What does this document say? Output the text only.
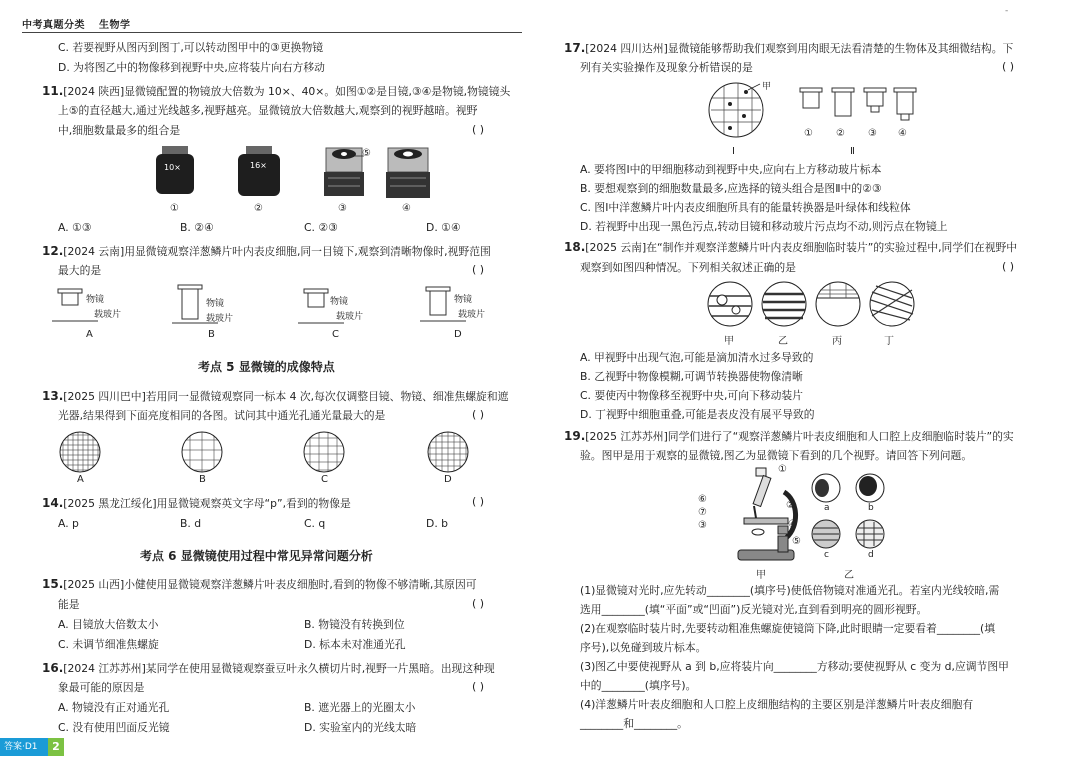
中考真题分类 生物学
-
C. 若要视野从图丙到图丁,可以转动图甲中的③更换物镜
D. 为将图乙中的物像移到视野中央,应将装片向右方移动
11.[2024 陕西]显微镜配置的物镜放大倍数为 10×、40×。如图①②是目镜,③④是物镜,物镜镜头
上⑤的直径越大,通过光线越多,视野越亮。显微镜放大倍数越大,观察到的视野越暗。视野
中,细胞数量最多的组合是	( )
10×	16×
⑤
①	②	③	④
A. ①③	B. ②④	C. ②③	D. ①④
12.[2024 云南]用显微镜观察洋葱鳞片叶内表皮细胞,同一目镜下,观察到清晰物像时,视野范围
最大的是	( )
物镜
载玻片
物镜
载玻片
物镜
载玻片
物镜
载玻片
A	B	C	D
考点 5 显微镜的成像特点
13.[2025 四川巴中]若用同一显微镜观察同一标本 4 次,每次仅调整目镜、物镜、细准焦螺旋和遮
光器,结果得到下面亮度相同的各图。试问其中通光孔通光量最大的是	( )
A	B	C	D
14.[2025 黑龙江绥化]用显微镜观察英文字母“p”,看到的物像是	( )
A. p	B. d	C. q	D. b
考点 6 显微镜使用过程中常见异常问题分析
15.[2025 山西]小健使用显微镜观察洋葱鳞片叶表皮细胞时,看到的物像不够清晰,其原因可
能是	( )
A. 目镜放大倍数太小	B. 物镜没有转换到位
C. 未调节细准焦螺旋	D. 标本未对准通光孔
16.[2024 江苏苏州]某同学在使用显微镜观察蚕豆叶永久横切片时,视野一片黑暗。出现这种现
象最可能的原因是	( )
A. 物镜没有正对通光孔	B. 遮光器上的光圈太小
C. 没有使用凹面反光镜	D. 实验室内的光线太暗
答案·D1	2
17.[2024 四川达州]显微镜能够帮助我们观察到用肉眼无法看清楚的生物体及其细微结构。下
列有关实验操作及现象分析错误的是	( )
甲
① ② ③ ④
Ⅰ	Ⅱ
A. 要将图Ⅰ中的甲细胞移动到视野中央,应向右上方移动玻片标本
B. 要想观察到的细胞数量最多,应选择的镜头组合是图Ⅱ中的②③
C. 图Ⅰ中洋葱鳞片叶内表皮细胞所具有的能量转换器是叶绿体和线粒体
D. 若视野中出现一黑色污点,转动目镜和移动玻片污点均不动,则污点在物镜上
18.[2025 云南]在“制作并观察洋葱鳞片叶内表皮细胞临时装片”的实验过程中,同学们在视野中
观察到如图四种情况。下列相关叙述正确的是	( )
甲	乙	丙	丁
A. 甲视野中出现气泡,可能是滴加清水过多导致的
B. 乙视野中物像模糊,可调节转换器使物像清晰
C. 要使丙中物像移至视野中央,可向下移动装片
D. 丁视野中细胞重叠,可能是表皮没有展平导致的
19.[2025 江苏苏州]同学们进行了“观察洋葱鳞片叶表皮细胞和人口腔上皮细胞临时装片”的实
验。图甲是用于观察的显微镜,图乙为显微镜下看到的几个视野。请回答下列问题。
①
②
③	④
⑤
⑥
⑦	a	b
c	d
甲	乙
(1)显微镜对光时,应先转动________(填序号)使低倍物镜对准通光孔。若室内光线较暗,需
选用________(填“平面”或“凹面”)反光镜对光,直到看到明亮的圆形视野。
(2)在观察临时装片时,先要转动粗准焦螺旋使镜筒下降,此时眼睛一定要看着________(填
序号),以免碰到玻片标本。
(3)图乙中要使视野从 a 到 b,应将装片向________方移动;要使视野从 c 变为 d,应调节图甲
中的________(填序号)。
(4)洋葱鳞片叶表皮细胞和人口腔上皮细胞结构的主要区别是洋葱鳞片叶表皮细胞有
________和________。
